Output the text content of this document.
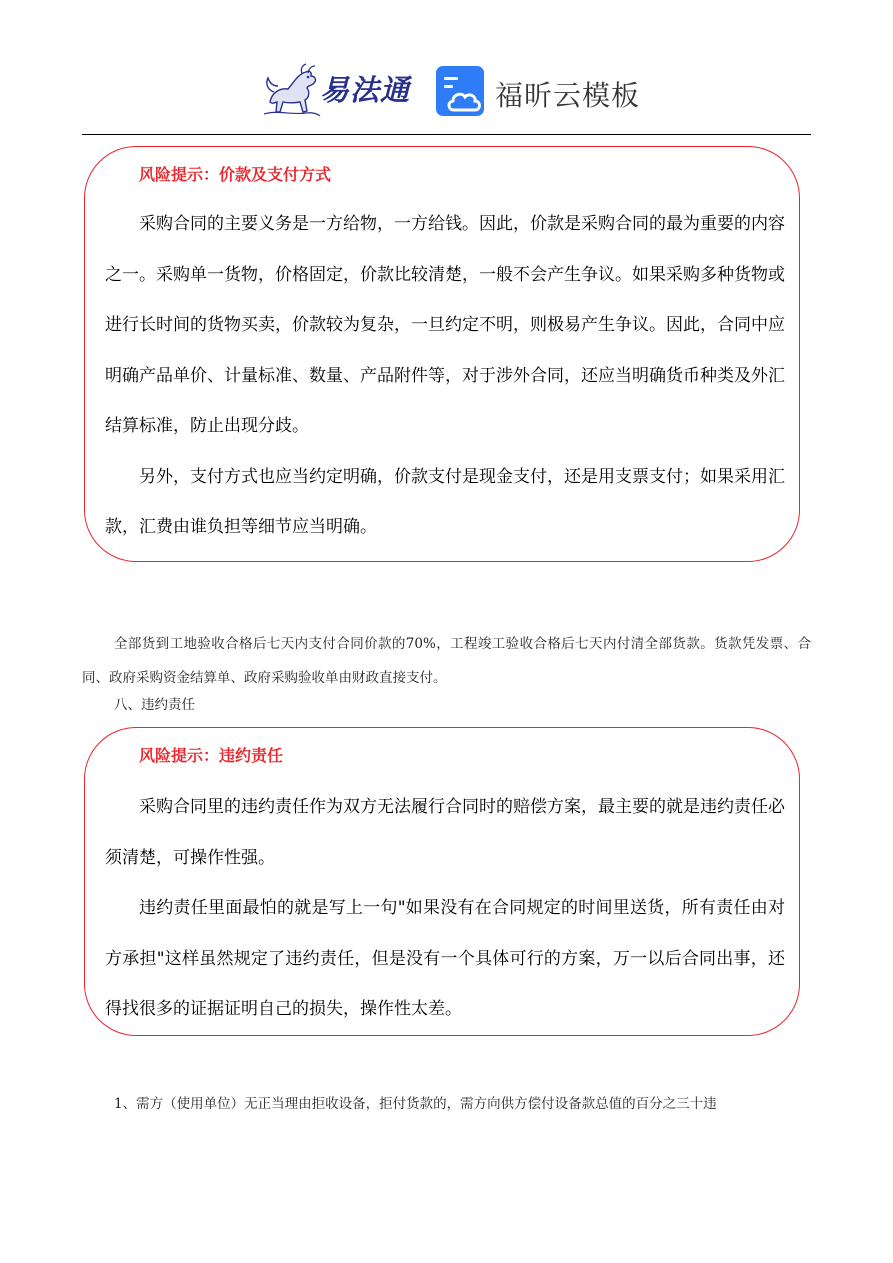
易法通	福昕云模板
风险提示：价款及支付方式

采购合同的主要义务是一方给物，一方给钱。因此，价款是采购合同的最为重要的内容之一。采购单一货物，价格固定，价款比较清楚，一般不会产生争议。如果采购多种货物或进行长时间的货物买卖，价款较为复杂，一旦约定不明，则极易产生争议。因此，合同中应明确产品单价、计量标准、数量、产品附件等，对于涉外合同，还应当明确货币种类及外汇结算标准，防止出现分歧。

另外，支付方式也应当约定明确，价款支付是现金支付，还是用支票支付；如果采用汇款，汇费由谁负担等细节应当明确。

全部货到工地验收合格后七天内支付合同价款的70%，工程竣工验收合格后七天内付清全部货款。货款凭发票、合同、政府采购资金结算单、政府采购验收单由财政直接支付。
八、违约责任
风险提示：违约责任

采购合同里的违约责任作为双方无法履行合同时的赔偿方案，最主要的就是违约责任必须清楚，可操作性强。

违约责任里面最怕的就是写上一句"如果没有在合同规定的时间里送货，所有责任由对方承担"这样虽然规定了违约责任，但是没有一个具体可行的方案，万一以后合同出事，还得找很多的证据证明自己的损失，操作性太差。

1、需方（使用单位）无正当理由拒收设备，拒付货款的，需方向供方偿付设备款总值的百分之三十违
